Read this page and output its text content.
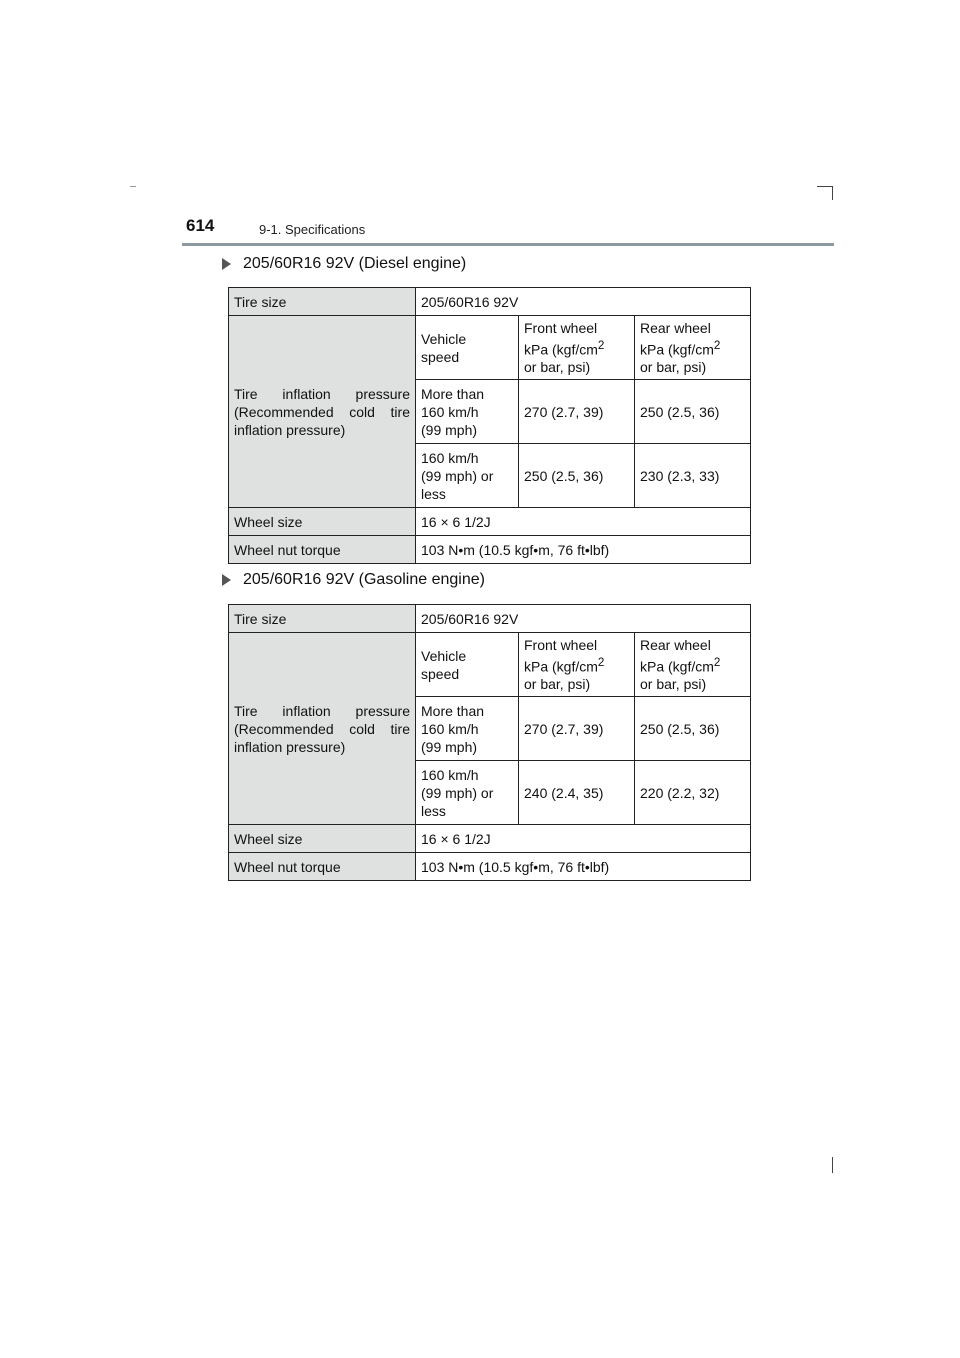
614	9-1. Specifications
205/60R16 92V (Diesel engine)
Tire size	205/60R16 92V		

Tire inflation pressure
(Recommended cold tire
inflation pressure)	Vehicle
speed	Front wheel
kPa ($kgf/cm^2$
or bar, psi)	Rear wheel
kPa ($kgf/cm^2$
or bar, psi)

	More than
160 km/h
(99 mph)	270 (2.7, 39)	250 (2.5, 36)

	160 km/h
(99 mph) or
less	250 (2.5, 36)	230 (2.3, 33)
Wheel size	16 × 6 1/2J		
Wheel nut torque	103 N•m (10.5 kgf•m, 76 ft•lbf)		
205/60R16 92V (Gasoline engine)
Tire size	205/60R16 92V		

Tire inflation pressure
(Recommended cold tire
inflation pressure)	Vehicle
speed	Front wheel
kPa ($kgf/cm^2$
or bar, psi)	Rear wheel
kPa ($kgf/cm^2$
or bar, psi)

	More than
160 km/h
(99 mph)	270 (2.7, 39)	250 (2.5, 36)

	160 km/h
(99 mph) or
less	240 (2.4, 35)	220 (2.2, 32)
Wheel size	16 × 6 1/2J		
Wheel nut torque	103 N•m (10.5 kgf•m, 76 ft•lbf)		
